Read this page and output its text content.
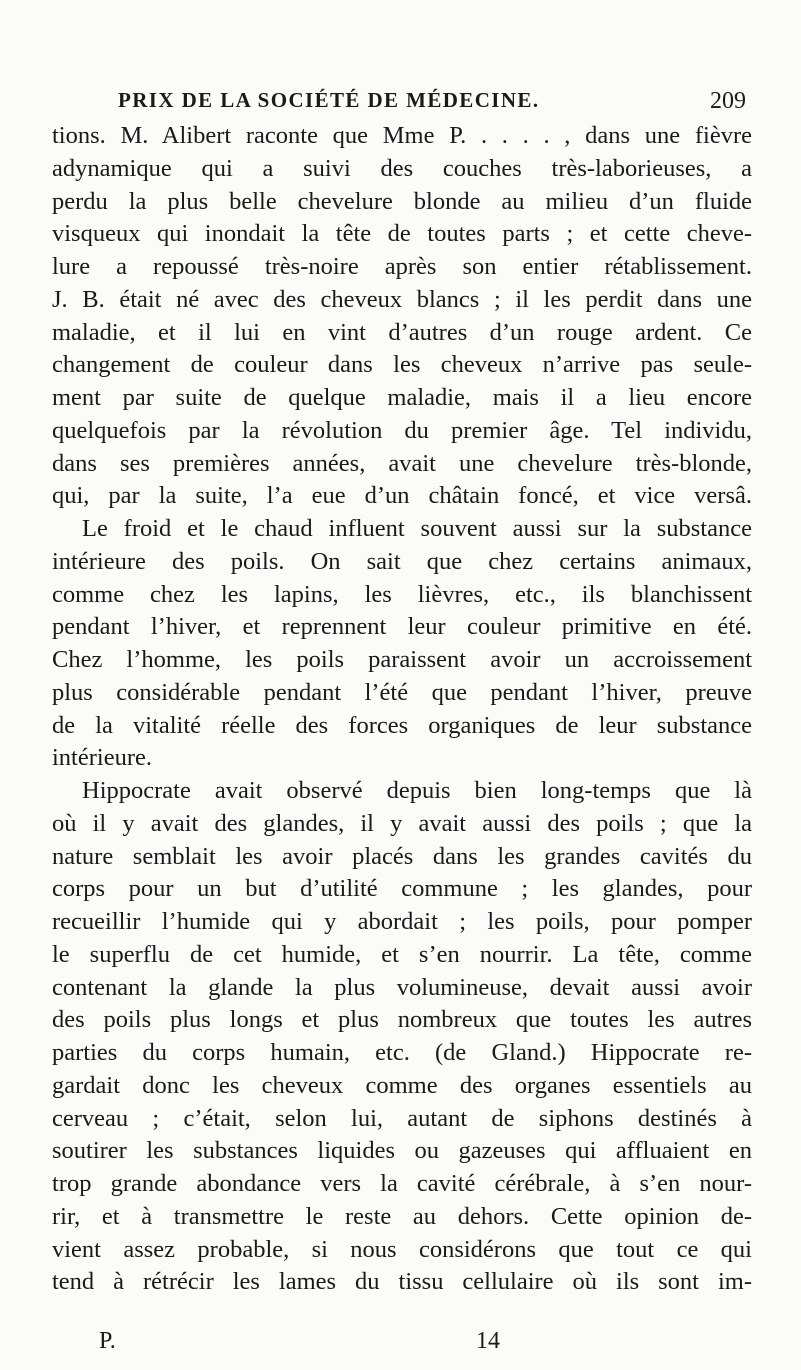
PRIX DE LA SOCIÉTÉ DE MÉDECINE.	209
tions. M. Alibert raconte que Mme P. . . . . , dans une fièvre
adynamique qui a suivi des couches très-laborieuses, a
perdu la plus belle chevelure blonde au milieu d’un fluide
visqueux qui inondait la tête de toutes parts ; et cette cheve-
lure a repoussé très-noire après son entier rétablissement.
J. B. était né avec des cheveux blancs ; il les perdit dans une
maladie, et il lui en vint d’autres d’un rouge ardent. Ce
changement de couleur dans les cheveux n’arrive pas seule-
ment par suite de quelque maladie, mais il a lieu encore
quelquefois par la révolution du premier âge. Tel individu,
dans ses premières années, avait une chevelure très-blonde,
qui, par la suite, l’a eue d’un châtain foncé, et vice versâ.
Le froid et le chaud influent souvent aussi sur la substance
intérieure des poils. On sait que chez certains animaux,
comme chez les lapins, les lièvres, etc., ils blanchissent
pendant l’hiver, et reprennent leur couleur primitive en été.
Chez l’homme, les poils paraissent avoir un accroissement
plus considérable pendant l’été que pendant l’hiver, preuve
de la vitalité réelle des forces organiques de leur substance
intérieure.
Hippocrate avait observé depuis bien long-temps que là
où il y avait des glandes, il y avait aussi des poils ; que la
nature semblait les avoir placés dans les grandes cavités du
corps pour un but d’utilité commune ; les glandes, pour
recueillir l’humide qui y abordait ; les poils, pour pomper
le superflu de cet humide, et s’en nourrir. La tête, comme
contenant la glande la plus volumineuse, devait aussi avoir
des poils plus longs et plus nombreux que toutes les autres
parties du corps humain, etc. (de Gland.) Hippocrate re-
gardait donc les cheveux comme des organes essentiels au
cerveau ; c’était, selon lui, autant de siphons destinés à
soutirer les substances liquides ou gazeuses qui affluaient en
trop grande abondance vers la cavité cérébrale, à s’en nour-
rir, et à transmettre le reste au dehors. Cette opinion de-
vient assez probable, si nous considérons que tout ce qui
tend à rétrécir les lames du tissu cellulaire où ils sont im-
P.	14
